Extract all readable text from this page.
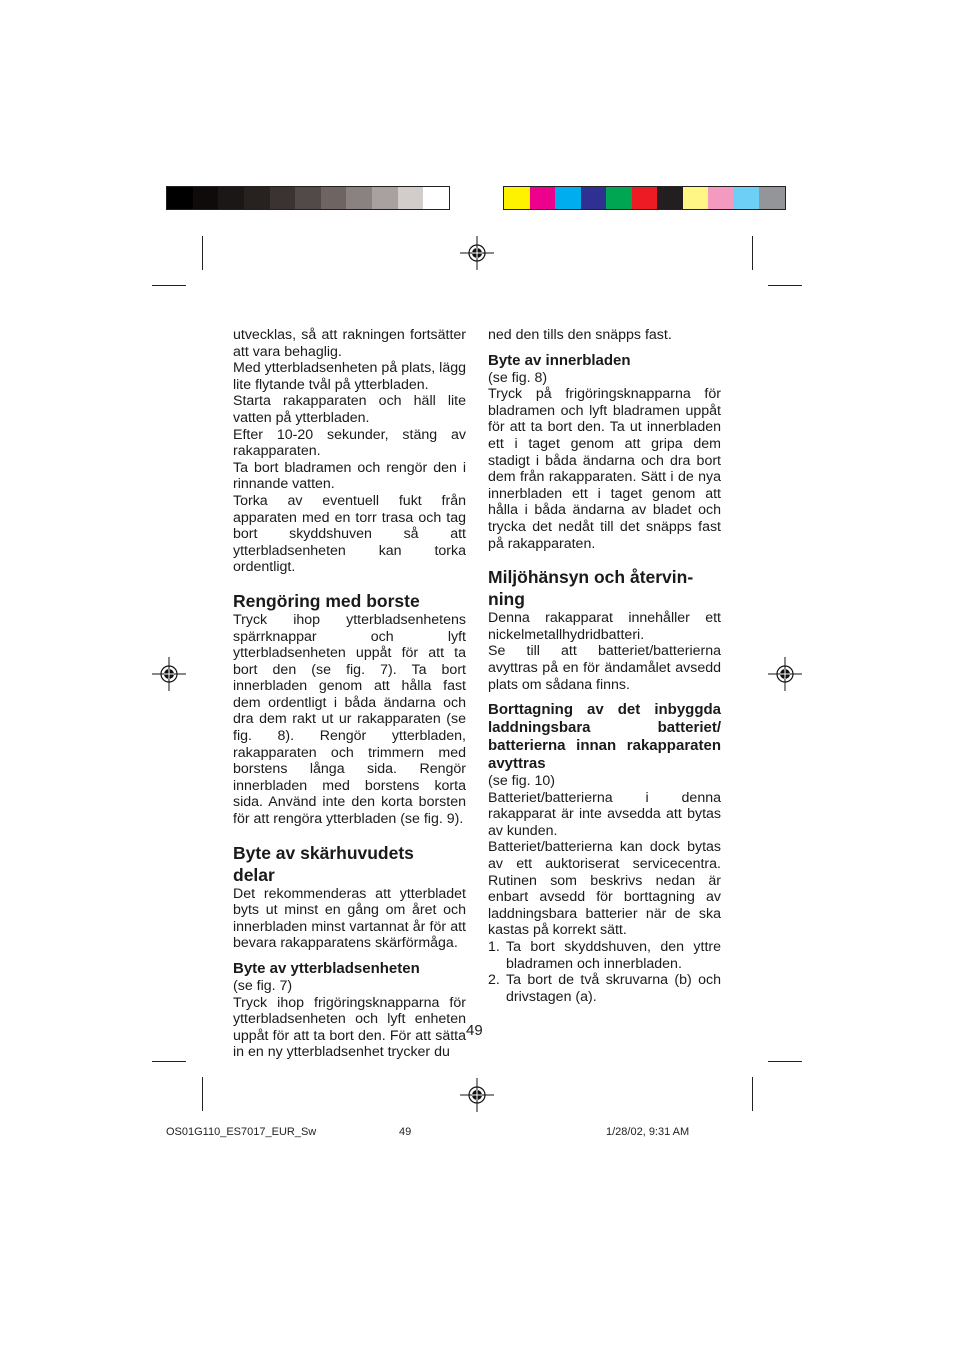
utvecklas, så att rakningen fortsätter att vara behaglig.

Med ytterbladsenheten på plats, lägg lite flytande tvål på ytterbladen.

Starta rakapparaten och häll lite vatten på ytterbladen.

Efter 10-20 sekunder, stäng av rakapparaten.

Ta bort bladramen och rengör den i rinnande vatten.

Torka av eventuell fukt från apparaten med en torr trasa och tag bort skyddshuven så att ytterbladsenheten kan torka ordentligt.

Rengöring med borste

Tryck ihop ytterbladsenhetens spärrknappar och lyft ytterbladsenheten uppåt för att ta bort den (se fig. 7). Ta bort innerbladen genom att hålla fast dem ordentligt i båda ändarna och dra dem rakt ut ur rakapparaten (se fig. 8). Rengör ytterbladen, rakapparaten och trimmern med borstens långa sida. Rengör innerbladen med borstens korta sida. Använd inte den korta borsten för att rengöra ytterbladen (se fig. 9).

Byte av skärhuvudets
delar

Det rekommenderas att ytterbladet byts ut minst en gång om året och innerbladen minst vartannat år för att bevara rakapparatens skärförmåga.

Byte av ytterbladsenheten

(se fig. 7)

Tryck ihop frigöringsknapparna för ytterbladsenheten och lyft enheten uppåt för att ta bort den. För att sätta in en ny ytterbladsenhet trycker du

ned den tills den snäpps fast.

Byte av innerbladen

(se fig. 8)

Tryck på frigöringsknapparna för bladramen och lyft bladramen uppåt för att ta bort den. Ta ut innerbladen ett i taget genom att gripa dem stadigt i båda ändarna och dra bort dem från rakapparaten. Sätt i de nya innerbladen ett i taget genom att hålla i båda ändarna av bladet och trycka det nedåt till det snäpps fast på rakapparaten.

Miljöhänsyn och återvin-
ning

Denna rakapparat innehåller ett nickelmetallhydridbatteri.

Se till att batteriet/batterierna avyttras på en för ändamålet avsedd plats om sådana finns.

Borttagning av det inbyggda laddningsbara batteriet/ batterierna innan rakapparaten avyttras

(se fig. 10)

Batteriet/batterierna i denna rakapparat är inte avsedda att bytas av kunden.

Batteriet/batterierna kan dock bytas av ett auktoriserat servicecentra. Rutinen som beskrivs nedan är enbart avsedd för borttagning av laddningsbara batterier när de ska kastas på korrekt sätt.

1. Ta bort skyddshuven, den yttre bladramen och innerbladen.
2. Ta bort de två skruvarna (b) och drivstagen (a).
49
OS01G110_ES7017_EUR_Sw	49	1/28/02, 9:31 AM
